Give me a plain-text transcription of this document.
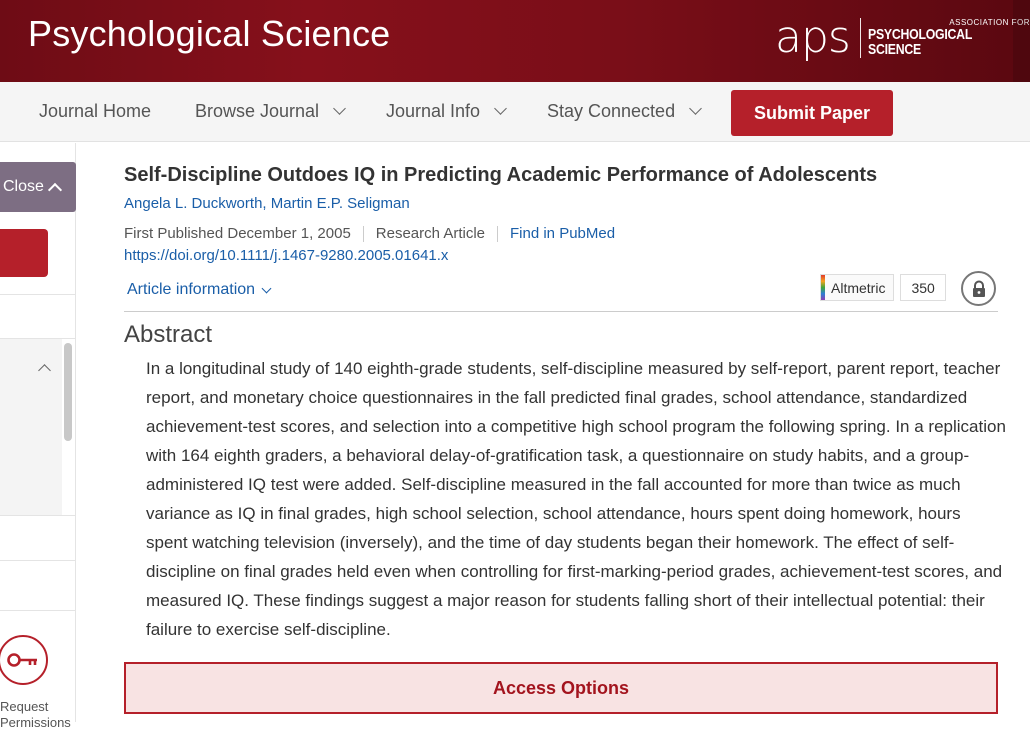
Psychological Science	aps	ASSOCIATION FOR
PSYCHOLOGICAL SCIENCE
Journal Home Browse Journal	Journal Info	Stay Connected	Submit Paper
Close
Request Permissions
Self-Discipline Outdoes IQ in Predicting Academic Performance of Adolescents
Angela L. Duckworth, Martin E.P. Seligman
First Published December 1, 2005 Research Article Find in PubMed
https://doi.org/10.1111/j.1467-9280.2005.01641.x
Article information	Altmetric	350
Abstract
In a longitudinal study of 140 eighth-grade students, self-discipline measured by self-report, parent report, teacher report, and monetary choice questionnaires in the fall predicted final grades, school attendance, standardized achievement-test scores, and selection into a competitive high school program the following spring. In a replication with 164 eighth graders, a behavioral delay-of-gratification task, a questionnaire on study habits, and a group-administered IQ test were added. Self-discipline measured in the fall accounted for more than twice as much variance as IQ in final grades, high school selection, school attendance, hours spent doing homework, hours spent watching television (inversely), and the time of day students began their homework. The effect of self-discipline on final grades held even when controlling for first-marking-period grades, achievement-test scores, and measured IQ. These findings suggest a major reason for students falling short of their intellectual potential: their failure to exercise self-discipline.
Access Options
